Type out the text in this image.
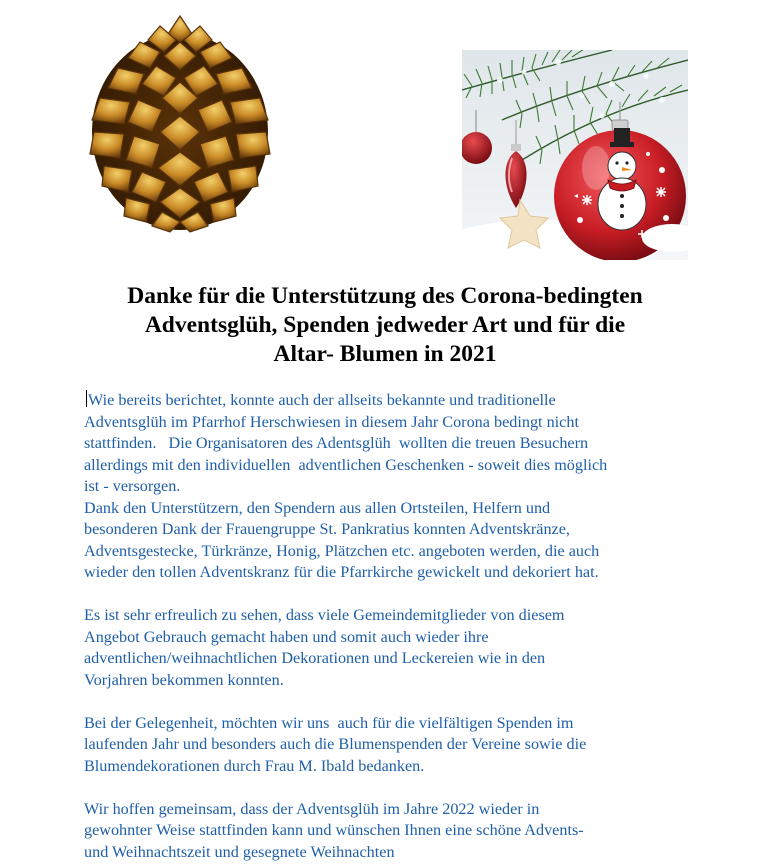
Danke für die Unterstützung des Corona-bedingten
Adventsglüh, Spenden jedweder Art und für die
Altar- Blumen in 2021

Wie bereits berichtet, konnte auch der allseits bekannte und traditionelle
Adventsglüh im Pfarrhof Herschwiesen in diesem Jahr Corona bedingt nicht
stattfinden.   Die Organisatoren des Adentsglüh  wollten die treuen Besuchern
allerdings mit den individuellen  adventlichen Geschenken - soweit dies möglich
ist - versorgen.
Dank den Unterstützern, den Spendern aus allen Ortsteilen, Helfern und
besonderen Dank der Frauengruppe St. Pankratius konnten Adventskränze,
Adventsgestecke, Türkränze, Honig, Plätzchen etc. angeboten werden, die auch
wieder den tollen Adventskranz für die Pfarrkirche gewickelt und dekoriert hat.

Es ist sehr erfreulich zu sehen, dass viele Gemeindemitglieder von diesem
Angebot Gebrauch gemacht haben und somit auch wieder ihre
adventlichen/weihnachtlichen Dekorationen und Leckereien wie in den
Vorjahren bekommen konnten.

Bei der Gelegenheit, möchten wir uns  auch für die vielfältigen Spenden im
laufenden Jahr und besonders auch die Blumenspenden der Vereine sowie die
Blumendekorationen durch Frau M. Ibald bedanken.

Wir hoffen gemeinsam, dass der Adventsglüh im Jahre 2022 wieder in
gewohnter Weise stattfinden kann und wünschen Ihnen eine schöne Advents-
und Weihnachtszeit und gesegnete Weihnachten
